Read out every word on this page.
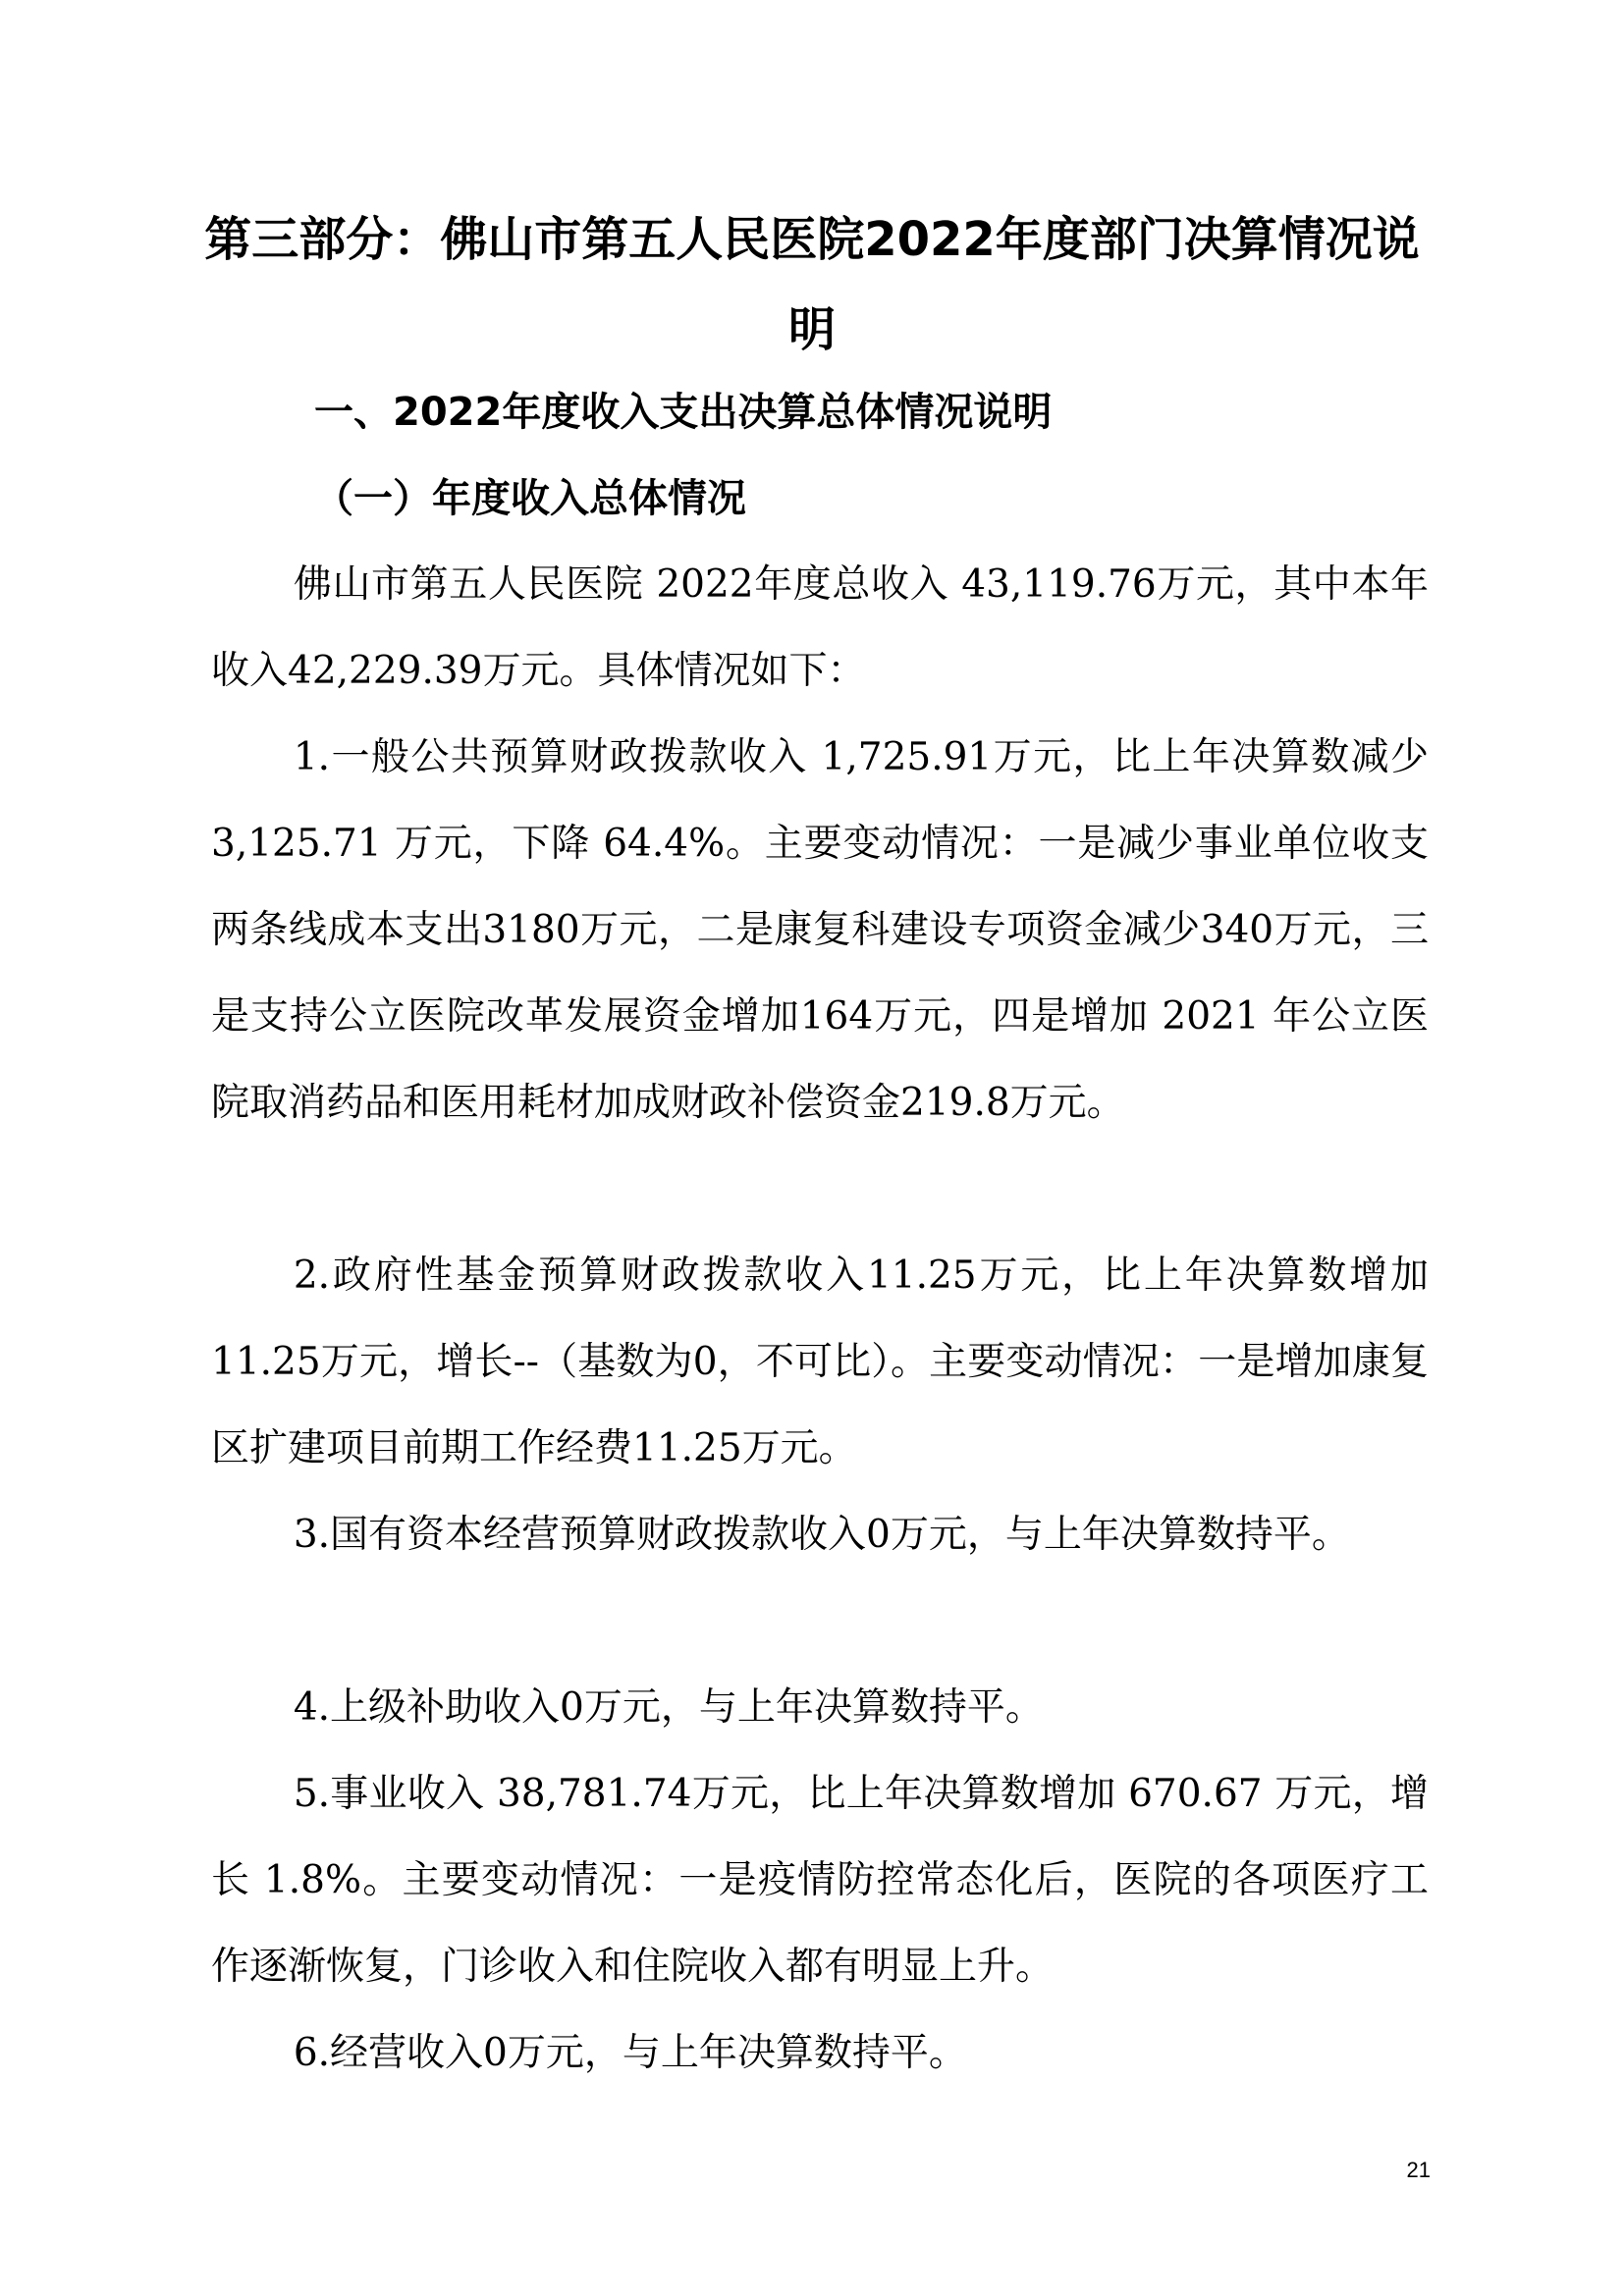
第三部分：佛山市第五人民医院2022年度部门决算情况说明
一、2022年度收入支出决算总体情况说明
（一）年度收入总体情况

佛山市第五人民医院 2022年度总收入 43,119.76万元，其中本年收入42,229.39万元。具体情况如下：

1.一般公共预算财政拨款收入 1,725.91万元，比上年决算数减少 3,125.71 万元，下降 64.4%。主要变动情况：一是减少事业单位收支两条线成本支出3180万元，二是康复科建设专项资金减少340万元，三是支持公立医院改革发展资金增加164万元，四是增加 2021 年公立医院取消药品和医用耗材加成财政补偿资金219.8万元。

2.政府性基金预算财政拨款收入11.25万元，比上年决算数增加11.25万元，增长--（基数为0，不可比）。主要变动情况：一是增加康复区扩建项目前期工作经费11.25万元。

3.国有资本经营预算财政拨款收入0万元，与上年决算数持平。

4.上级补助收入0万元，与上年决算数持平。

5.事业收入 38,781.74万元，比上年决算数增加 670.67 万元，增长 1.8%。主要变动情况：一是疫情防控常态化后，医院的各项医疗工作逐渐恢复，门诊收入和住院收入都有明显上升。

6.经营收入0万元，与上年决算数持平。

21
